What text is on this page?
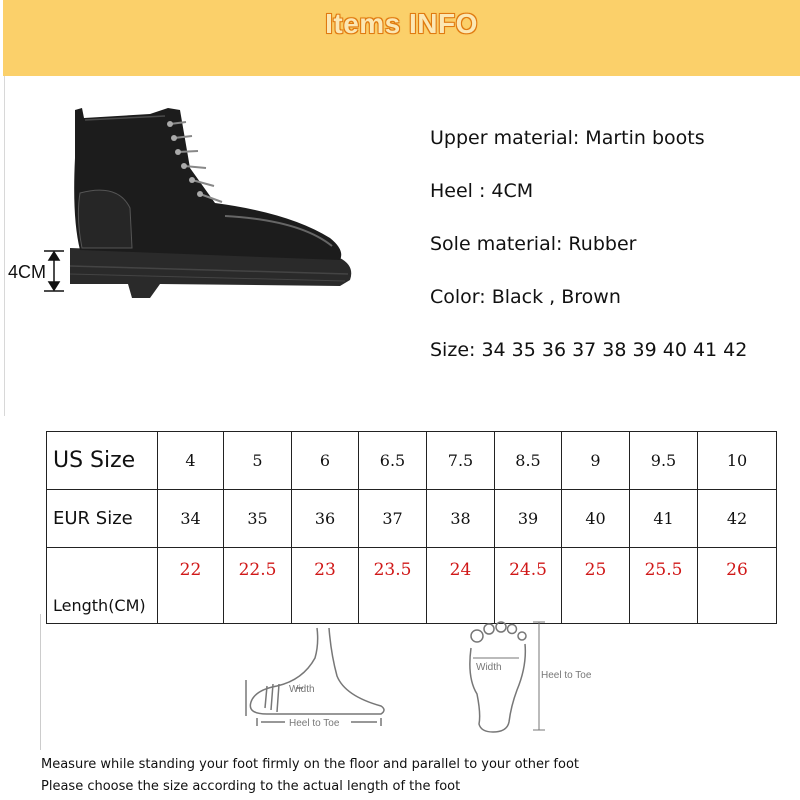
Items INFO
4CM
Upper material: Martin boots
Heel : 4CM
Sole material: Rubber
Color: Black , Brown
Size: 34 35 36 37 38 39 40 41 42
US Size	4	5	6	6.5	7.5	8.5	9	9.5	10
EUR Size	34	35	36	37	38	39	40	41	42
Length(CM)	22	22.5	23	23.5	24	24.5	25	25.5	26
Width
Heel to Toe
Width
Heel to Toe
Measure while standing your foot firmly on the floor and parallel to your other foot
Please choose the size according to the actual length of the foot
